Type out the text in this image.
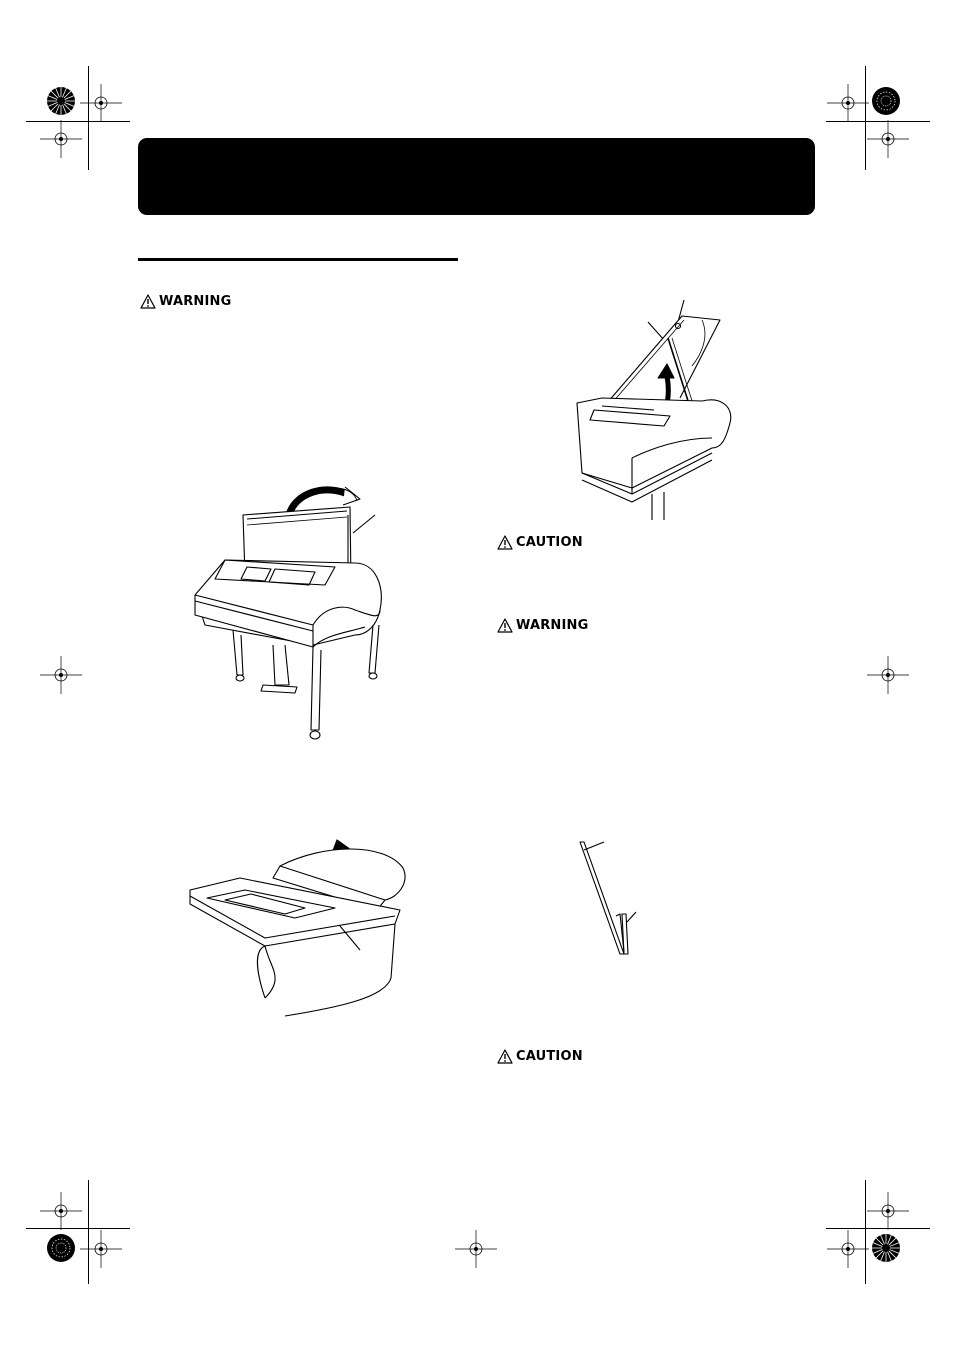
WARNING
CAUTION
WARNING
CAUTION
